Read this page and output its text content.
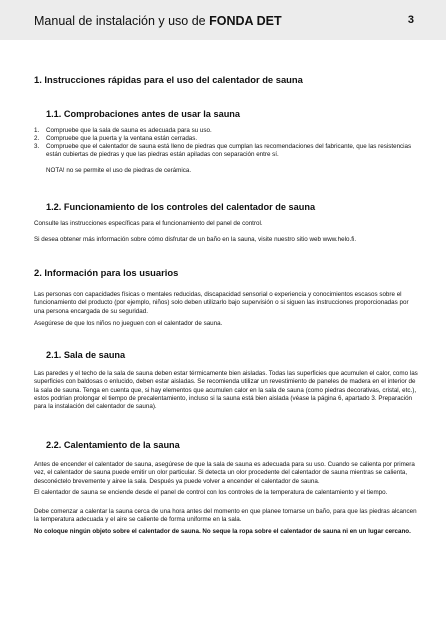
Manual de instalación y uso de FONDA DET	3
1. Instrucciones rápidas para el uso del calentador de sauna
1.1. Comprobaciones antes de usar la sauna
1.	Compruebe que la sala de sauna es adecuada para su uso.
2.	Compruebe que la puerta y la ventana están cerradas.
3.	Compruebe que el calentador de sauna está lleno de piedras que cumplan las recomendaciones del fabricante, que las resistencias están cubiertas de piedras y que las piedras están apiladas con separación entre sí.
NOTA! no se permite el uso de piedras de cerámica.
1.2. Funcionamiento de los controles del calentador de sauna
Consulte las instrucciones específicas para el funcionamiento del panel de control.
Si desea obtener más información sobre cómo disfrutar de un baño en la sauna, visite nuestro sitio web www.helo.fi.
2. Información para los usuarios
Las personas con capacidades físicas o mentales reducidas, discapacidad sensorial o experiencia y conocimientos escasos sobre el funcionamiento del producto (por ejemplo, niños) solo deben utilizarlo bajo supervisión o si siguen las instrucciones proporcionadas por una persona encargada de su seguridad.
Asegúrese de que los niños no jueguen con el calentador de sauna.
2.1. Sala de sauna
Las paredes y el techo de la sala de sauna deben estar térmicamente bien aisladas. Todas las superficies que acumulen el calor, como las superficies con baldosas o enlucido, deben estar aisladas. Se recomienda utilizar un revestimiento de paneles de madera en el interior de la sala de sauna. Tenga en cuenta que, si hay elementos que acumulen calor en la sala de sauna (como piedras decorativas, cristal, etc.), estos podrían prolongar el tiempo de precalentamiento, incluso si la sauna está bien aislada (véase la página 6, apartado 3. Preparación para la instalación del calentador de sauna).
2.2. Calentamiento de la sauna
Antes de encender el calentador de sauna, asegúrese de que la sala de sauna es adecuada para su uso. Cuando se calienta por primera vez, el calentador de sauna puede emitir un olor particular. Si detecta un olor procedente del calentador de sauna mientras se calienta, desconéctelo brevemente y airee la sala. Después ya puede volver a encender el calentador de sauna.
El calentador de sauna se enciende desde el panel de control con los controles de la temperatura de calentamiento y el tiempo.
Debe comenzar a calentar la sauna cerca de una hora antes del momento en que planee tomarse un baño, para que las piedras alcancen la temperatura adecuada y el aire se caliente de forma uniforme en la sala.
No coloque ningún objeto sobre el calentador de sauna. No seque la ropa sobre el calentador de sauna ni en un lugar cercano.
